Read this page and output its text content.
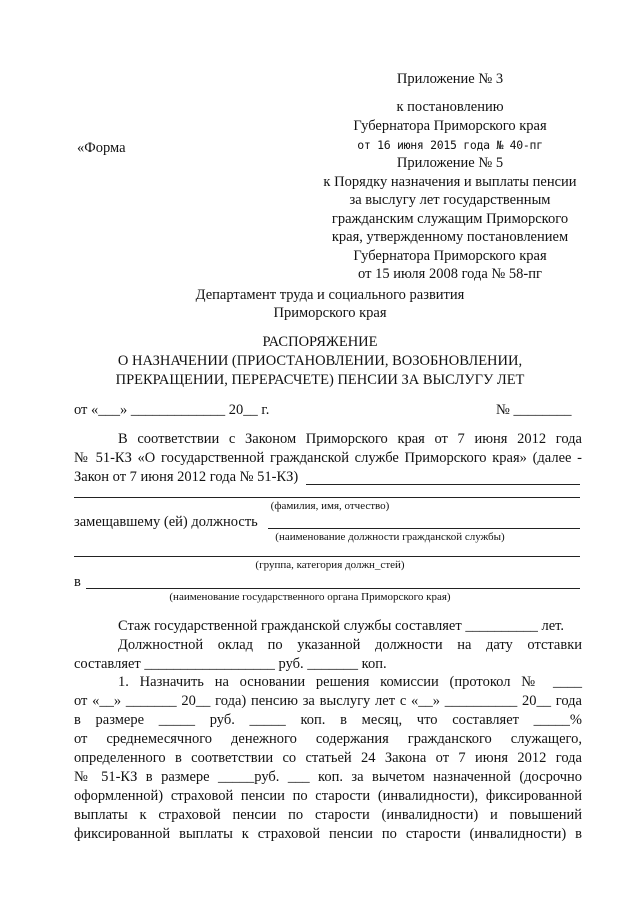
Приложение № 3
к постановлению
Губернатора Приморского края
от 16 июня 2015 года № 40-пг
Приложение № 5
к Порядку назначения и выплаты пенсии
за выслугу лет государственным
гражданским служащим Приморского
края, утвержденному постановлением
Губернатора Приморского края
от 15 июля 2008 года № 58-пг
«Форма
Департамент труда и социального развития
Приморского края
РАСПОРЯЖЕНИЕ
О НАЗНАЧЕНИИ (ПРИОСТАНОВЛЕНИИ, ВОЗОБНОВЛЕНИИ,
ПРЕКРАЩЕНИИ, ПЕРЕРАСЧЕТЕ) ПЕНСИИ ЗА ВЫСЛУГУ ЛЕТ
от «___» _____________ 20__ г.	№ ________
В соответствии с Законом Приморского края от 7 июня 2012 года
№ 51-КЗ «О государственной гражданской службе Приморского края» (далее -
Закон от 7 июня 2012 года № 51-КЗ)
(фамилия, имя, отчество)
замещавшему (ей) должность
(наименование должности гражданской службы)
(группа, категория должн_стей)
в
(наименование государственного органа Приморского края)
Стаж государственной гражданской службы составляет __________ лет.
Должностной оклад по указанной должности на дату отставки
составляет __________________ руб. _______ коп.
1. Назначить на основании решения комиссии (протокол № ____
от «__» _______ 20__ года) пенсию за выслугу лет с «__» __________ 20__ года
в размере _____ руб. _____ коп. в месяц, что составляет _____%
от среднемесячного денежного содержания гражданского служащего,
определенного в соответствии со статьей 24 Закона от 7 июня 2012 года
№ 51-КЗ в размере _____руб. ___ коп. за вычетом назначенной (досрочно
оформленной) страховой пенсии по старости (инвалидности), фиксированной
выплаты к страховой пенсии по старости (инвалидности) и повышений
фиксированной выплаты к страховой пенсии по старости (инвалидности) в
